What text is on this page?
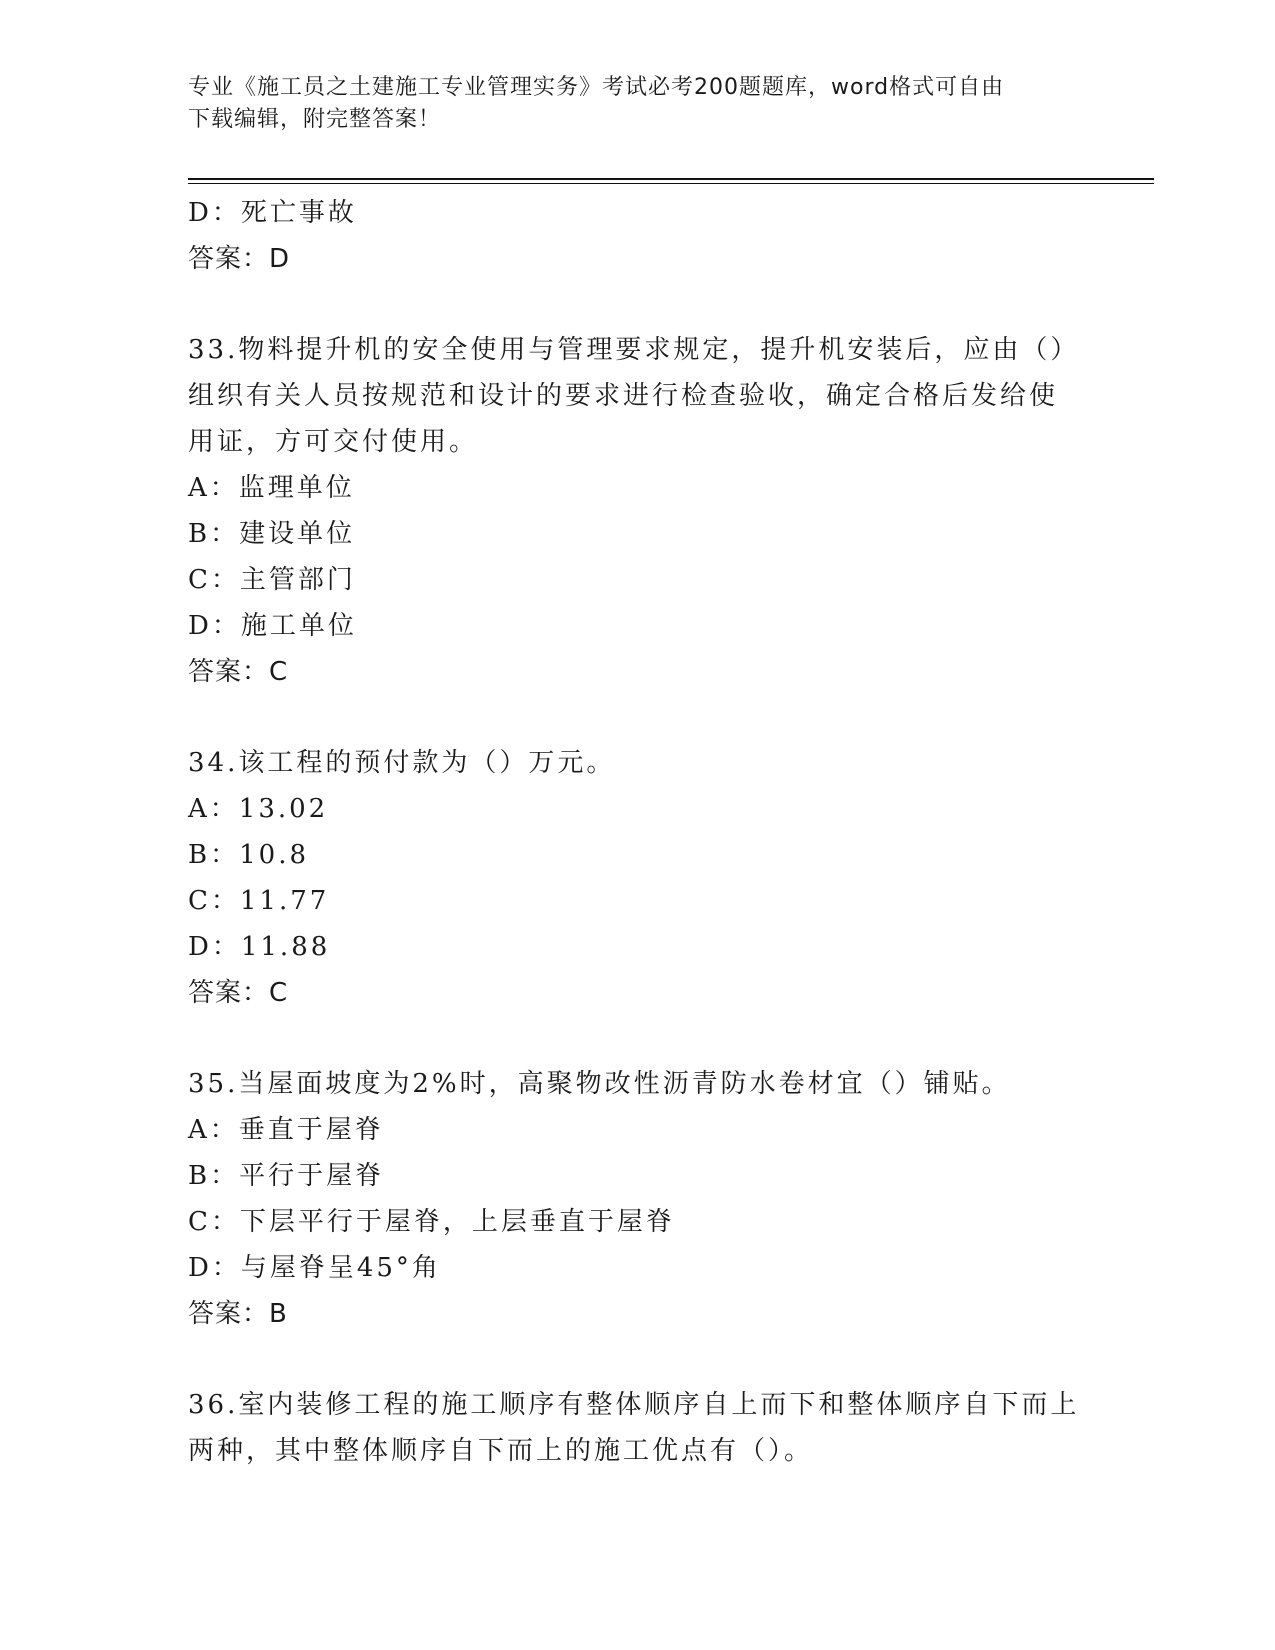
专业《施工员之土建施工专业管理实务》考试必考200题题库，word格式可自由
下载编辑，附完整答案！
D：死亡事故
答案：D
33.物料提升机的安全使用与管理要求规定，提升机安装后，应由（）
组织有关人员按规范和设计的要求进行检查验收，确定合格后发给使
用证，方可交付使用。
A：监理单位
B：建设单位
C：主管部门
D：施工单位
答案：C
34.该工程的预付款为（）万元。
A：13.02
B：10.8
C：11.77
D：11.88
答案：C
35.当屋面坡度为2%时，高聚物改性沥青防水卷材宜（）铺贴。
A：垂直于屋脊
B：平行于屋脊
C：下层平行于屋脊，上层垂直于屋脊
D：与屋脊呈45°角
答案：B
36.室内装修工程的施工顺序有整体顺序自上而下和整体顺序自下而上
两种，其中整体顺序自下而上的施工优点有（）。
